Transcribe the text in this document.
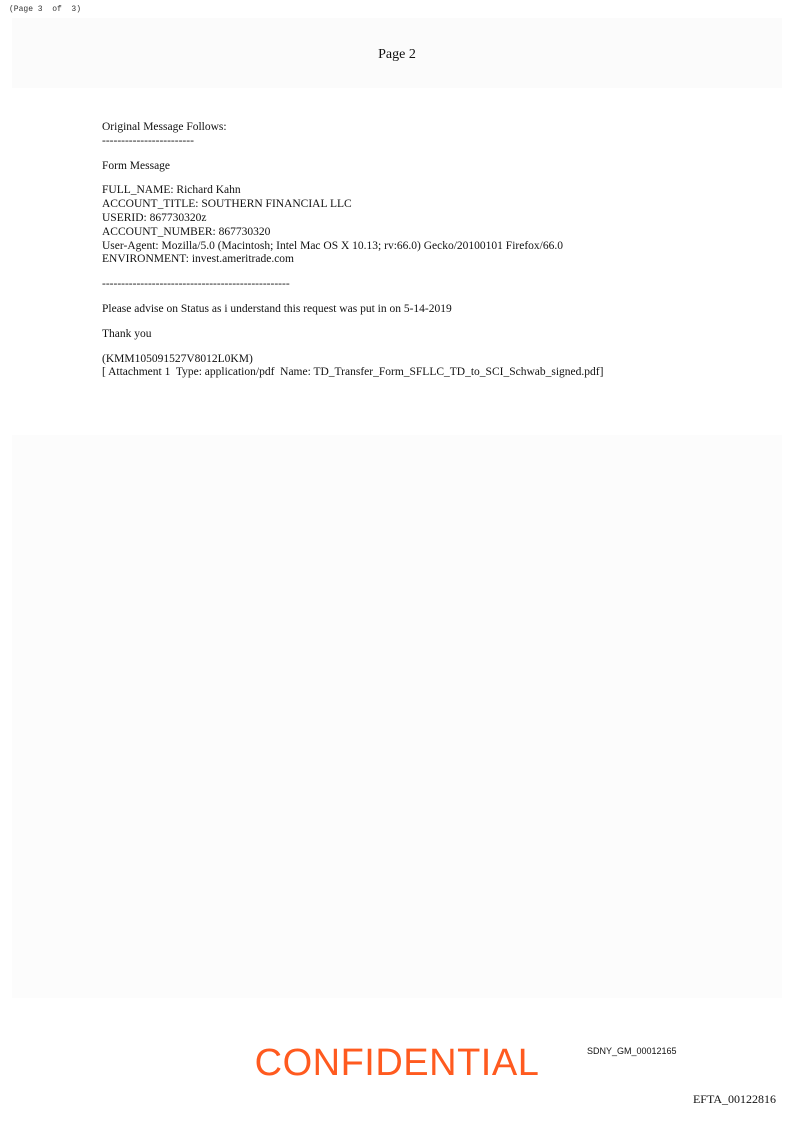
(Page 3  of  3)
Page 2
Original Message Follows:
------------------------
Form Message
FULL_NAME: Richard Kahn
ACCOUNT_TITLE: SOUTHERN FINANCIAL LLC
USERID: 867730320z
ACCOUNT_NUMBER: 867730320
User-Agent: Mozilla/5.0 (Macintosh; Intel Mac OS X 10.13; rv:66.0) Gecko/20100101 Firefox/66.0
ENVIRONMENT: invest.ameritrade.com
-------------------------------------------------
Please advise on Status as i understand this request was put in on 5-14-2019
Thank you
(KMM105091527V8012L0KM)
[ Attachment 1  Type: application/pdf  Name: TD_Transfer_Form_SFLLC_TD_to_SCI_Schwab_signed.pdf]
CONFIDENTIAL	SDNY_GM_00012165
EFTA_00122816
